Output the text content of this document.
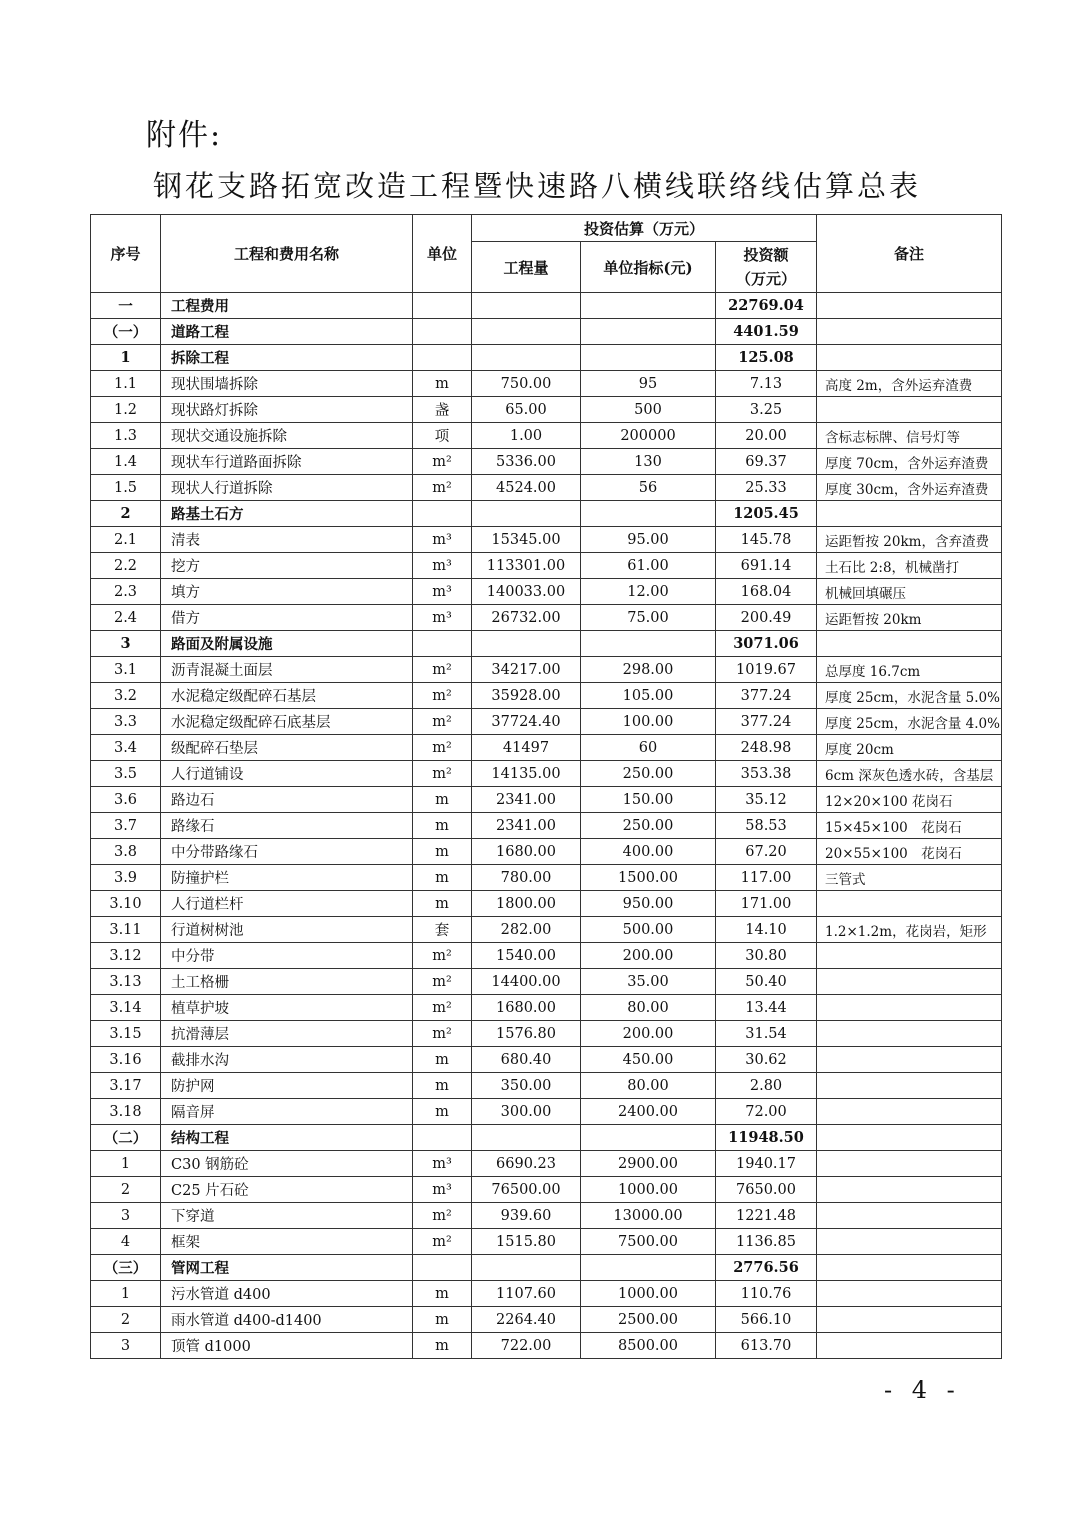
附件:
钢花支路拓宽改造工程暨快速路八横线联络线估算总表
序号	工程和费用名称	单位	投资估算（万元）			备注
			工程量	单位指标(元)	投资额
（万元）	
一	工程费用				22769.04	
（一）	道路工程				4401.59	
1	拆除工程				125.08	
1.1	现状围墙拆除	m	750.00	95	7.13	高度 2m，含外运弃渣费
1.2	现状路灯拆除	盏	65.00	500	3.25	
1.3	现状交通设施拆除	项	1.00	200000	20.00	含标志标牌、信号灯等
1.4	现状车行道路面拆除	m²	5336.00	130	69.37	厚度 70cm，含外运弃渣费
1.5	现状人行道拆除	m²	4524.00	56	25.33	厚度 30cm，含外运弃渣费
2	路基土石方				1205.45	
2.1	清表	m³	15345.00	95.00	145.78	运距暂按 20km，含弃渣费
2.2	挖方	m³	113301.00	61.00	691.14	土石比 2:8，机械凿打
2.3	填方	m³	140033.00	12.00	168.04	机械回填碾压
2.4	借方	m³	26732.00	75.00	200.49	运距暂按 20km
3	路面及附属设施				3071.06	
3.1	沥青混凝土面层	m²	34217.00	298.00	1019.67	总厚度 16.7cm
3.2	水泥稳定级配碎石基层	m²	35928.00	105.00	377.24	厚度 25cm，水泥含量 5.0%
3.3	水泥稳定级配碎石底基层	m²	37724.40	100.00	377.24	厚度 25cm，水泥含量 4.0%
3.4	级配碎石垫层	m²	41497	60	248.98	厚度 20cm
3.5	人行道铺设	m²	14135.00	250.00	353.38	6cm 深灰色透水砖，含基层
3.6	路边石	m	2341.00	150.00	35.12	12×20×100 花岗石
3.7	路缘石	m	2341.00	250.00	58.53	15×45×100　花岗石
3.8	中分带路缘石	m	1680.00	400.00	67.20	20×55×100　花岗石
3.9	防撞护栏	m	780.00	1500.00	117.00	三管式
3.10	人行道栏杆	m	1800.00	950.00	171.00	
3.11	行道树树池	套	282.00	500.00	14.10	1.2×1.2m，花岗岩，矩形
3.12	中分带	m²	1540.00	200.00	30.80	
3.13	土工格栅	m²	14400.00	35.00	50.40	
3.14	植草护坡	m²	1680.00	80.00	13.44	
3.15	抗滑薄层	m²	1576.80	200.00	31.54	
3.16	截排水沟	m	680.40	450.00	30.62	
3.17	防护网	m	350.00	80.00	2.80	
3.18	隔音屏	m	300.00	2400.00	72.00	
（二）	结构工程				11948.50	
1	C30 钢筋砼	m³	6690.23	2900.00	1940.17	
2	C25 片石砼	m³	76500.00	1000.00	7650.00	
3	下穿道	m²	939.60	13000.00	1221.48	
4	框架	m²	1515.80	7500.00	1136.85	
（三）	管网工程				2776.56	
1	污水管道 d400	m	1107.60	1000.00	110.76	
2	雨水管道 d400-d1400	m	2264.40	2500.00	566.10	
3	顶管 d1000	m	722.00	8500.00	613.70	
- 4 -
